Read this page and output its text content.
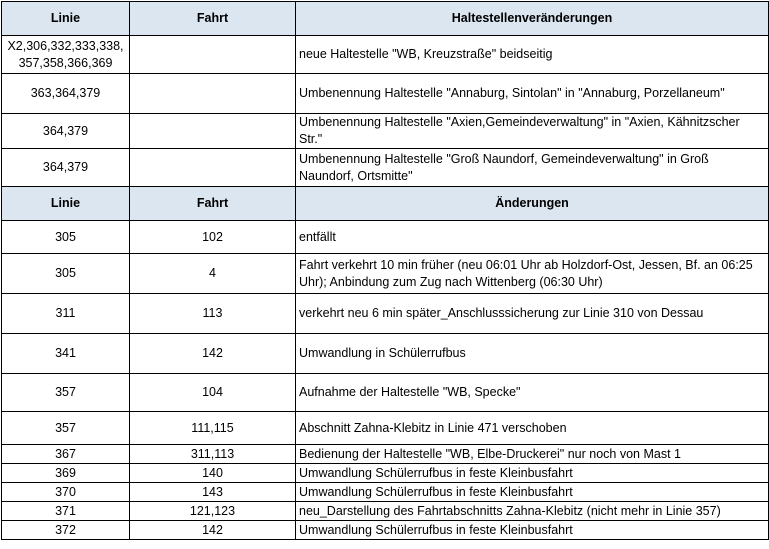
Linie	Fahrt	Haltestellenveränderungen
X2,306,332,333,338, 357,358,366,369		neue Haltestelle "WB, Kreuzstraße" beidseitig
363,364,379		Umbenennung Haltestelle "Annaburg, Sintolan" in "Annaburg, Porzellaneum"
364,379		Umbenennung Haltestelle "Axien,Gemeindeverwaltung" in "Axien, Kähnitzscher Str."
364,379		Umbenennung Haltestelle "Groß Naundorf, Gemeindeverwaltung" in Groß Naundorf, Ortsmitte"
Linie	Fahrt	Änderungen
305	102	entfällt
305	4	Fahrt verkehrt 10 min früher (neu 06:01 Uhr ab Holzdorf-Ost, Jessen, Bf. an 06:25 Uhr); Anbindung zum Zug nach Wittenberg (06:30 Uhr)
311	113	verkehrt neu 6 min später_Anschlusssicherung zur Linie 310 von Dessau
341	142	Umwandlung in Schülerrufbus
357	104	Aufnahme der Haltestelle "WB, Specke"
357	111,115	Abschnitt Zahna-Klebitz in Linie 471 verschoben
367	311,113	Bedienung der Haltestelle "WB, Elbe-Druckerei" nur noch von Mast 1
369	140	Umwandlung Schülerrufbus in feste Kleinbusfahrt
370	143	Umwandlung Schülerrufbus in feste Kleinbusfahrt
371	121,123	neu_Darstellung des Fahrtabschnitts Zahna-Klebitz (nicht mehr in Linie 357)
372	142	Umwandlung Schülerrufbus in feste Kleinbusfahrt
